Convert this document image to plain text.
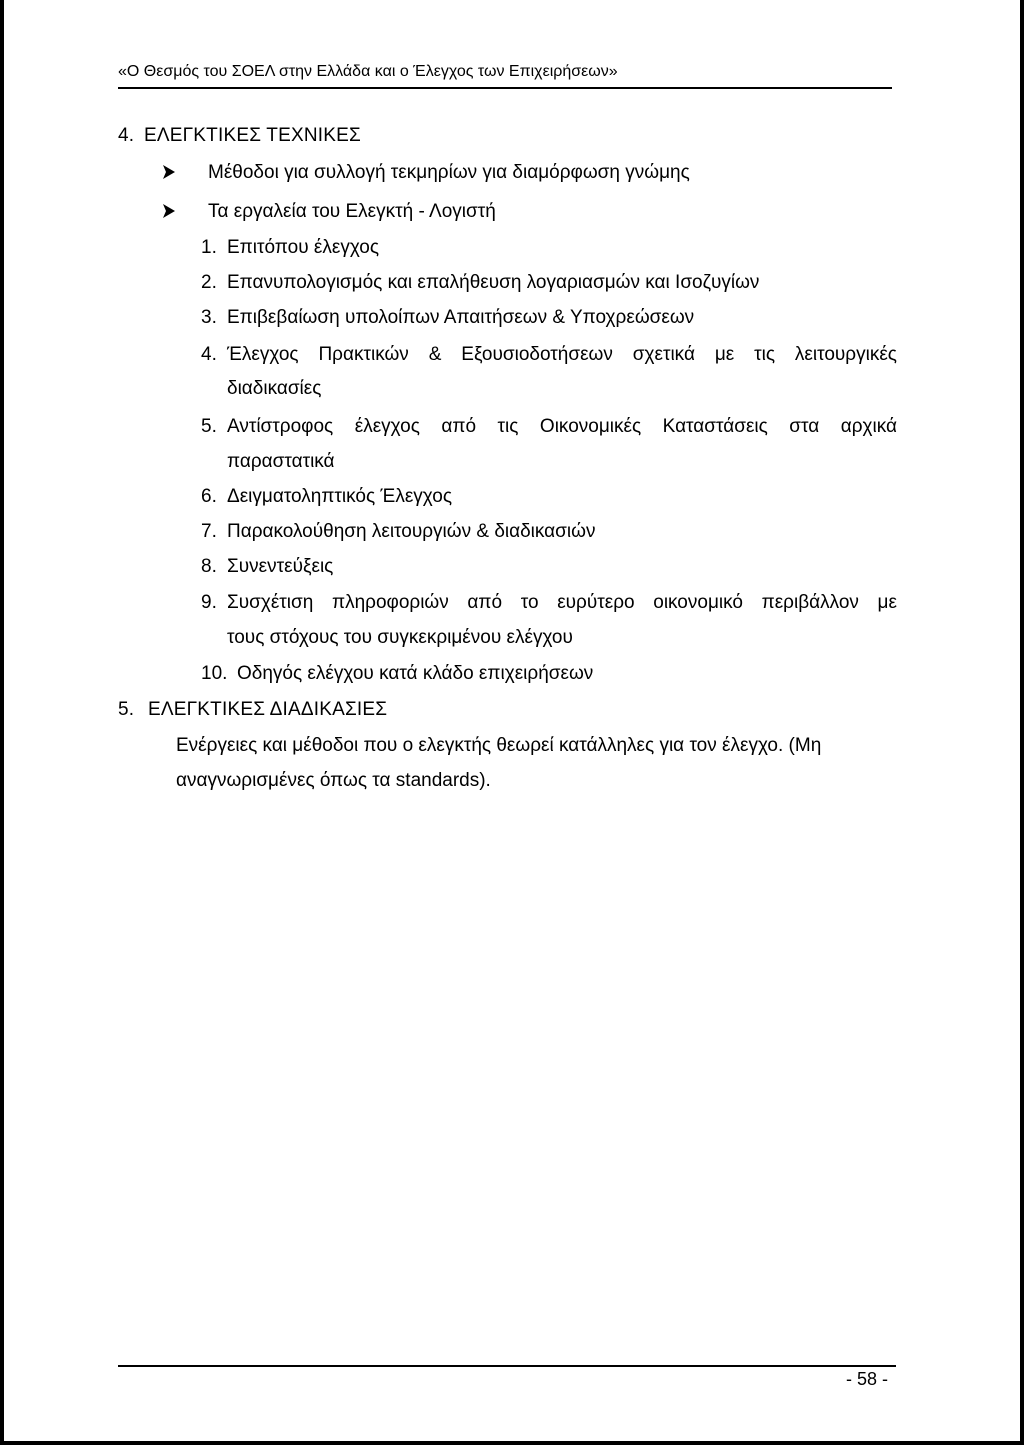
«Ο Θεσμός του ΣΟΕΛ στην Ελλάδα και ο Έλεγχος των Επιχειρήσεων»
4. ΕΛΕΓΚΤΙΚΕΣ ΤΕΧΝΙΚΕΣ
Μέθοδοι για συλλογή τεκμηρίων για διαμόρφωση γνώμης
Τα εργαλεία του Ελεγκτή - Λογιστή
1. Επιτόπου έλεγχος
2. Επανυπολογισμός και επαλήθευση λογαριασμών και Ισοζυγίων
3. Επιβεβαίωση υπολοίπων Απαιτήσεων & Υποχρεώσεων
4. Έλεγχος Πρακτικών & Εξουσιοδοτήσεων σχετικά με τις λειτουργικές
διαδικασίες
5. Αντίστροφος έλεγχος από τις Οικονομικές Καταστάσεις στα αρχικά
παραστατικά
6. Δειγματοληπτικός Έλεγχος
7. Παρακολούθηση λειτουργιών & διαδικασιών
8. Συνεντεύξεις
9. Συσχέτιση πληροφοριών από το ευρύτερο οικονομικό περιβάλλον με
τους στόχους του συγκεκριμένου ελέγχου
10. Οδηγός ελέγχου κατά κλάδο επιχειρήσεων
5. ΕΛΕΓΚΤΙΚΕΣ ΔΙΑΔΙΚΑΣΙΕΣ
Ενέργειες και μέθοδοι που ο ελεγκτής θεωρεί κατάλληλες για τον έλεγχο. (Μη
αναγνωρισμένες όπως τα standards).
- 58 -
